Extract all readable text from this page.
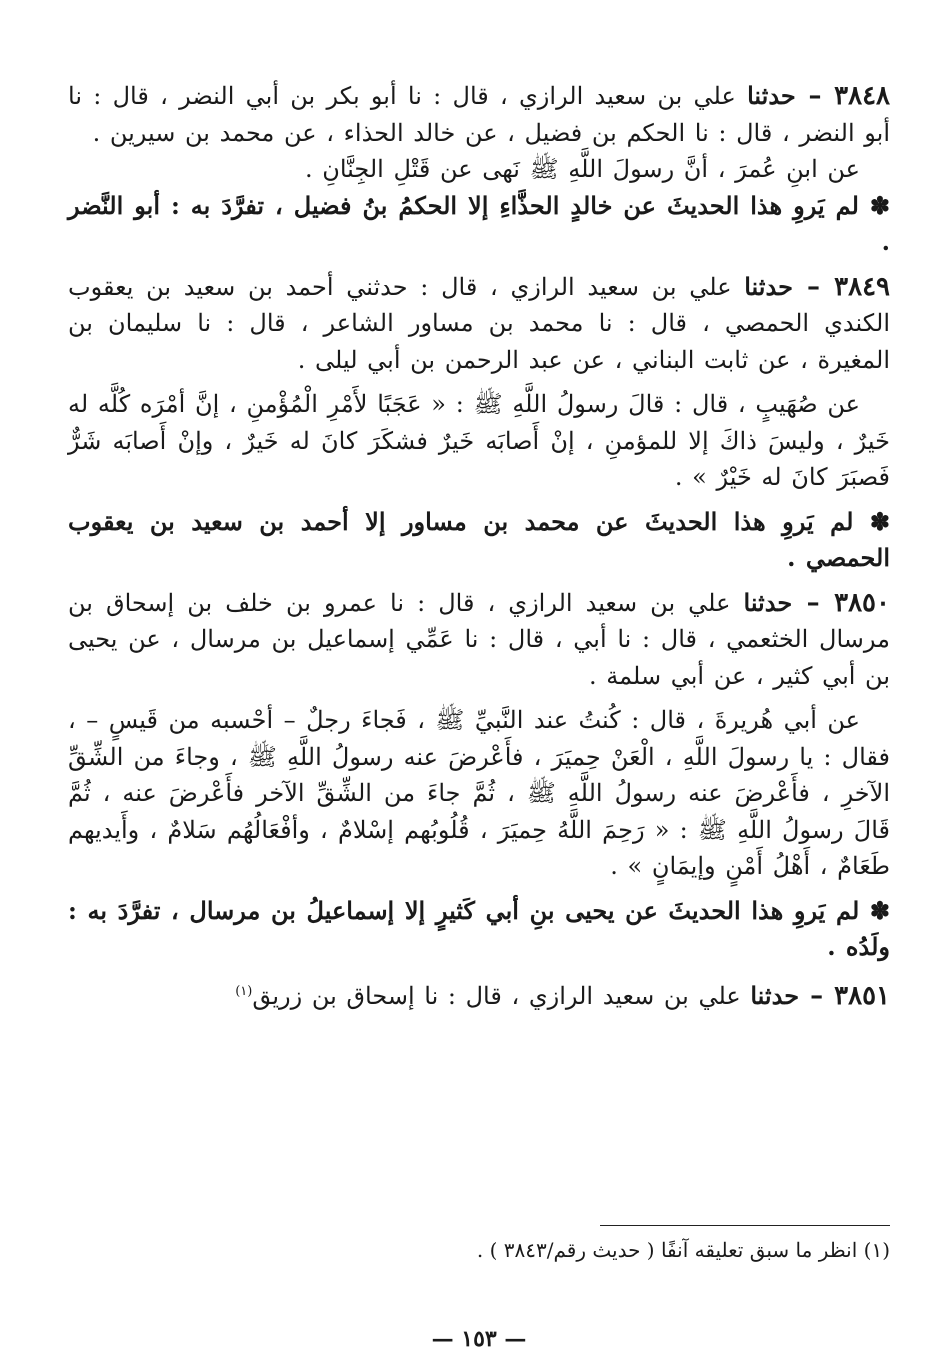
٣٨٤٨ – حدثنا علي بن سعيد الرازي ، قال : نا أبو بكر بن أبي النضر ، قال : نا أبو النضر ، قال : نا الحكم بن فضيل ، عن خالد الحذاء ، عن محمد بن سيرين .

عن ابنِ عُمرَ ، أنَّ رسولَ اللَّهِ ﷺ نَهى عن قَتْلِ الجِنَّانِ .

✽ لم يَروِ هذا الحديثَ عن خالدٍ الحذَّاءِ إلا الحكمُ بنُ فضيل ، تفرَّدَ به : أبو النَّضر .

٣٨٤٩ – حدثنا علي بن سعيد الرازي ، قال : حدثني أحمد بن سعيد بن يعقوب الكندي الحمصي ، قال : نا محمد بن مساور الشاعر ، قال : نا سليمان بن المغيرة ، عن ثابت البناني ، عن عبد الرحمن بن أبي ليلى .

عن صُهَيبٍ ، قال : قالَ رسولُ اللَّهِ ﷺ : « عَجَبًا لأَمْرِ الْمُؤْمنِ ، إنَّ أمْرَه كُلَّه له خَيرٌ ، وليسَ ذاكَ إلا للمؤمنِ ، إنْ أَصابَه خَيرٌ فشكَرَ كانَ له خَيرٌ ، وإنْ أَصابَه شَرٌّ فَصبَرَ كانَ له خَيْرٌ » .

✽ لم يَروِ هذا الحديثَ عن محمد بن مساور إلا أحمد بن سعيد بن يعقوب الحمصي .

٣٨٥٠ – حدثنا علي بن سعيد الرازي ، قال : نا عمرو بن خلف بن إسحاق بن مرسال الخثعمي ، قال : نا أبي ، قال : نا عَمِّي إسماعيل بن مرسال ، عن يحيى بن أبي كثير ، عن أبي سلمة .

عن أبي هُريرةَ ، قال : كُنتُ عند النَّبيِّ ﷺ ، فَجاءَ رجلٌ – أحْسبه من قَيسٍ – ، فقال : يا رسولَ اللَّهِ ، الْعَنْ حِميَرَ ، فأَعْرضَ عنه رسولُ اللَّهِ ﷺ ، وجاءَ من الشِّقِّ الآخرِ ، فأَعْرضَ عنه رسولُ اللَّهِ ﷺ ، ثُمَّ جاءَ من الشِّقِّ الآخر فأَعْرضَ عنه ، ثُمَّ قَالَ رسولُ اللَّهِ ﷺ : « رَحِمَ اللَّهُ حِميَرَ ، قُلُوبُهم إسْلامٌ ، وأفْعَالُهُم سَلامٌ ، وأَيديهم طَعَامٌ ، أَهْلُ أَمْنٍ وإيمَانٍ » .

✽ لم يَروِ هذا الحديثَ عن يحيى بنِ أبي كَثيرٍ إلا إسماعيلُ بن مرسال ، تفرَّدَ به : ولَدُه .

٣٨٥١ – حدثنا علي بن سعيد الرازي ، قال : نا إسحاق بن زريق$^{(١)}$

(١) انظر ما سبق تعليقه آنفًا ( حديث رقم/٣٨٤٣ ) .
— ١٥٣ —
